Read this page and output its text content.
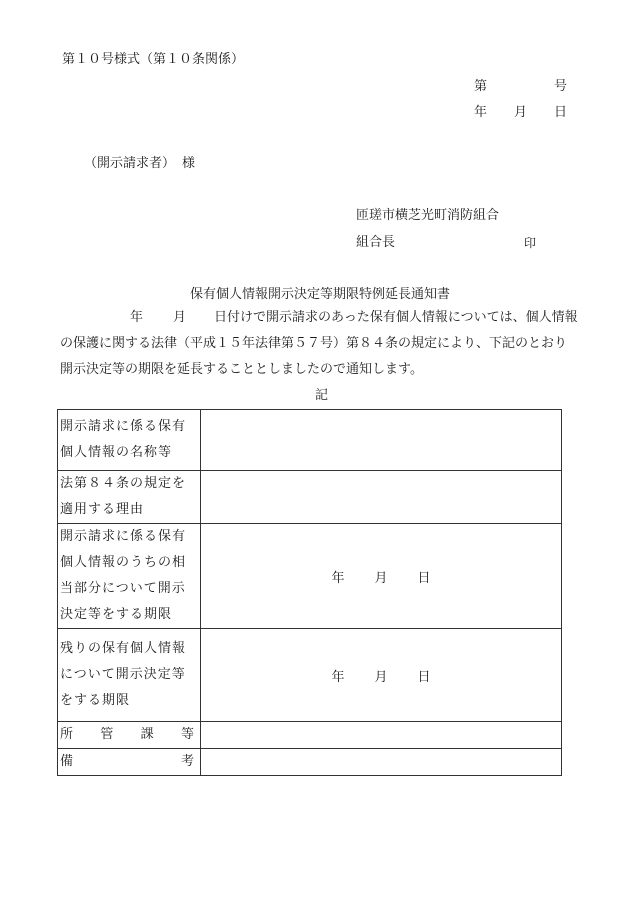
第１０号様式（第１０条関係）
第	号
年 月 日
（開示請求者） 様
匝瑳市横芝光町消防組合
組合長	印
保有個人情報開示決定等期限特例延長通知書
年 月 日付けで開示請求のあった保有個人情報については、個人情報
の保護に関する法律（平成１５年法律第５７号）第８４条の規定により、下記のとおり
開示決定等の期限を延長することとしましたので通知します。
記
開示請求に係る保有
個人情報の名称等	

法第８４条の規定を
適用する理由	

開示請求に係る保有
個人情報のうちの相
当部分について開示
決定等をする期限	年 月 日

残りの保有個人情報
について開示決定等
をする期限	年 月 日

所 管 課 等	

備 考	
